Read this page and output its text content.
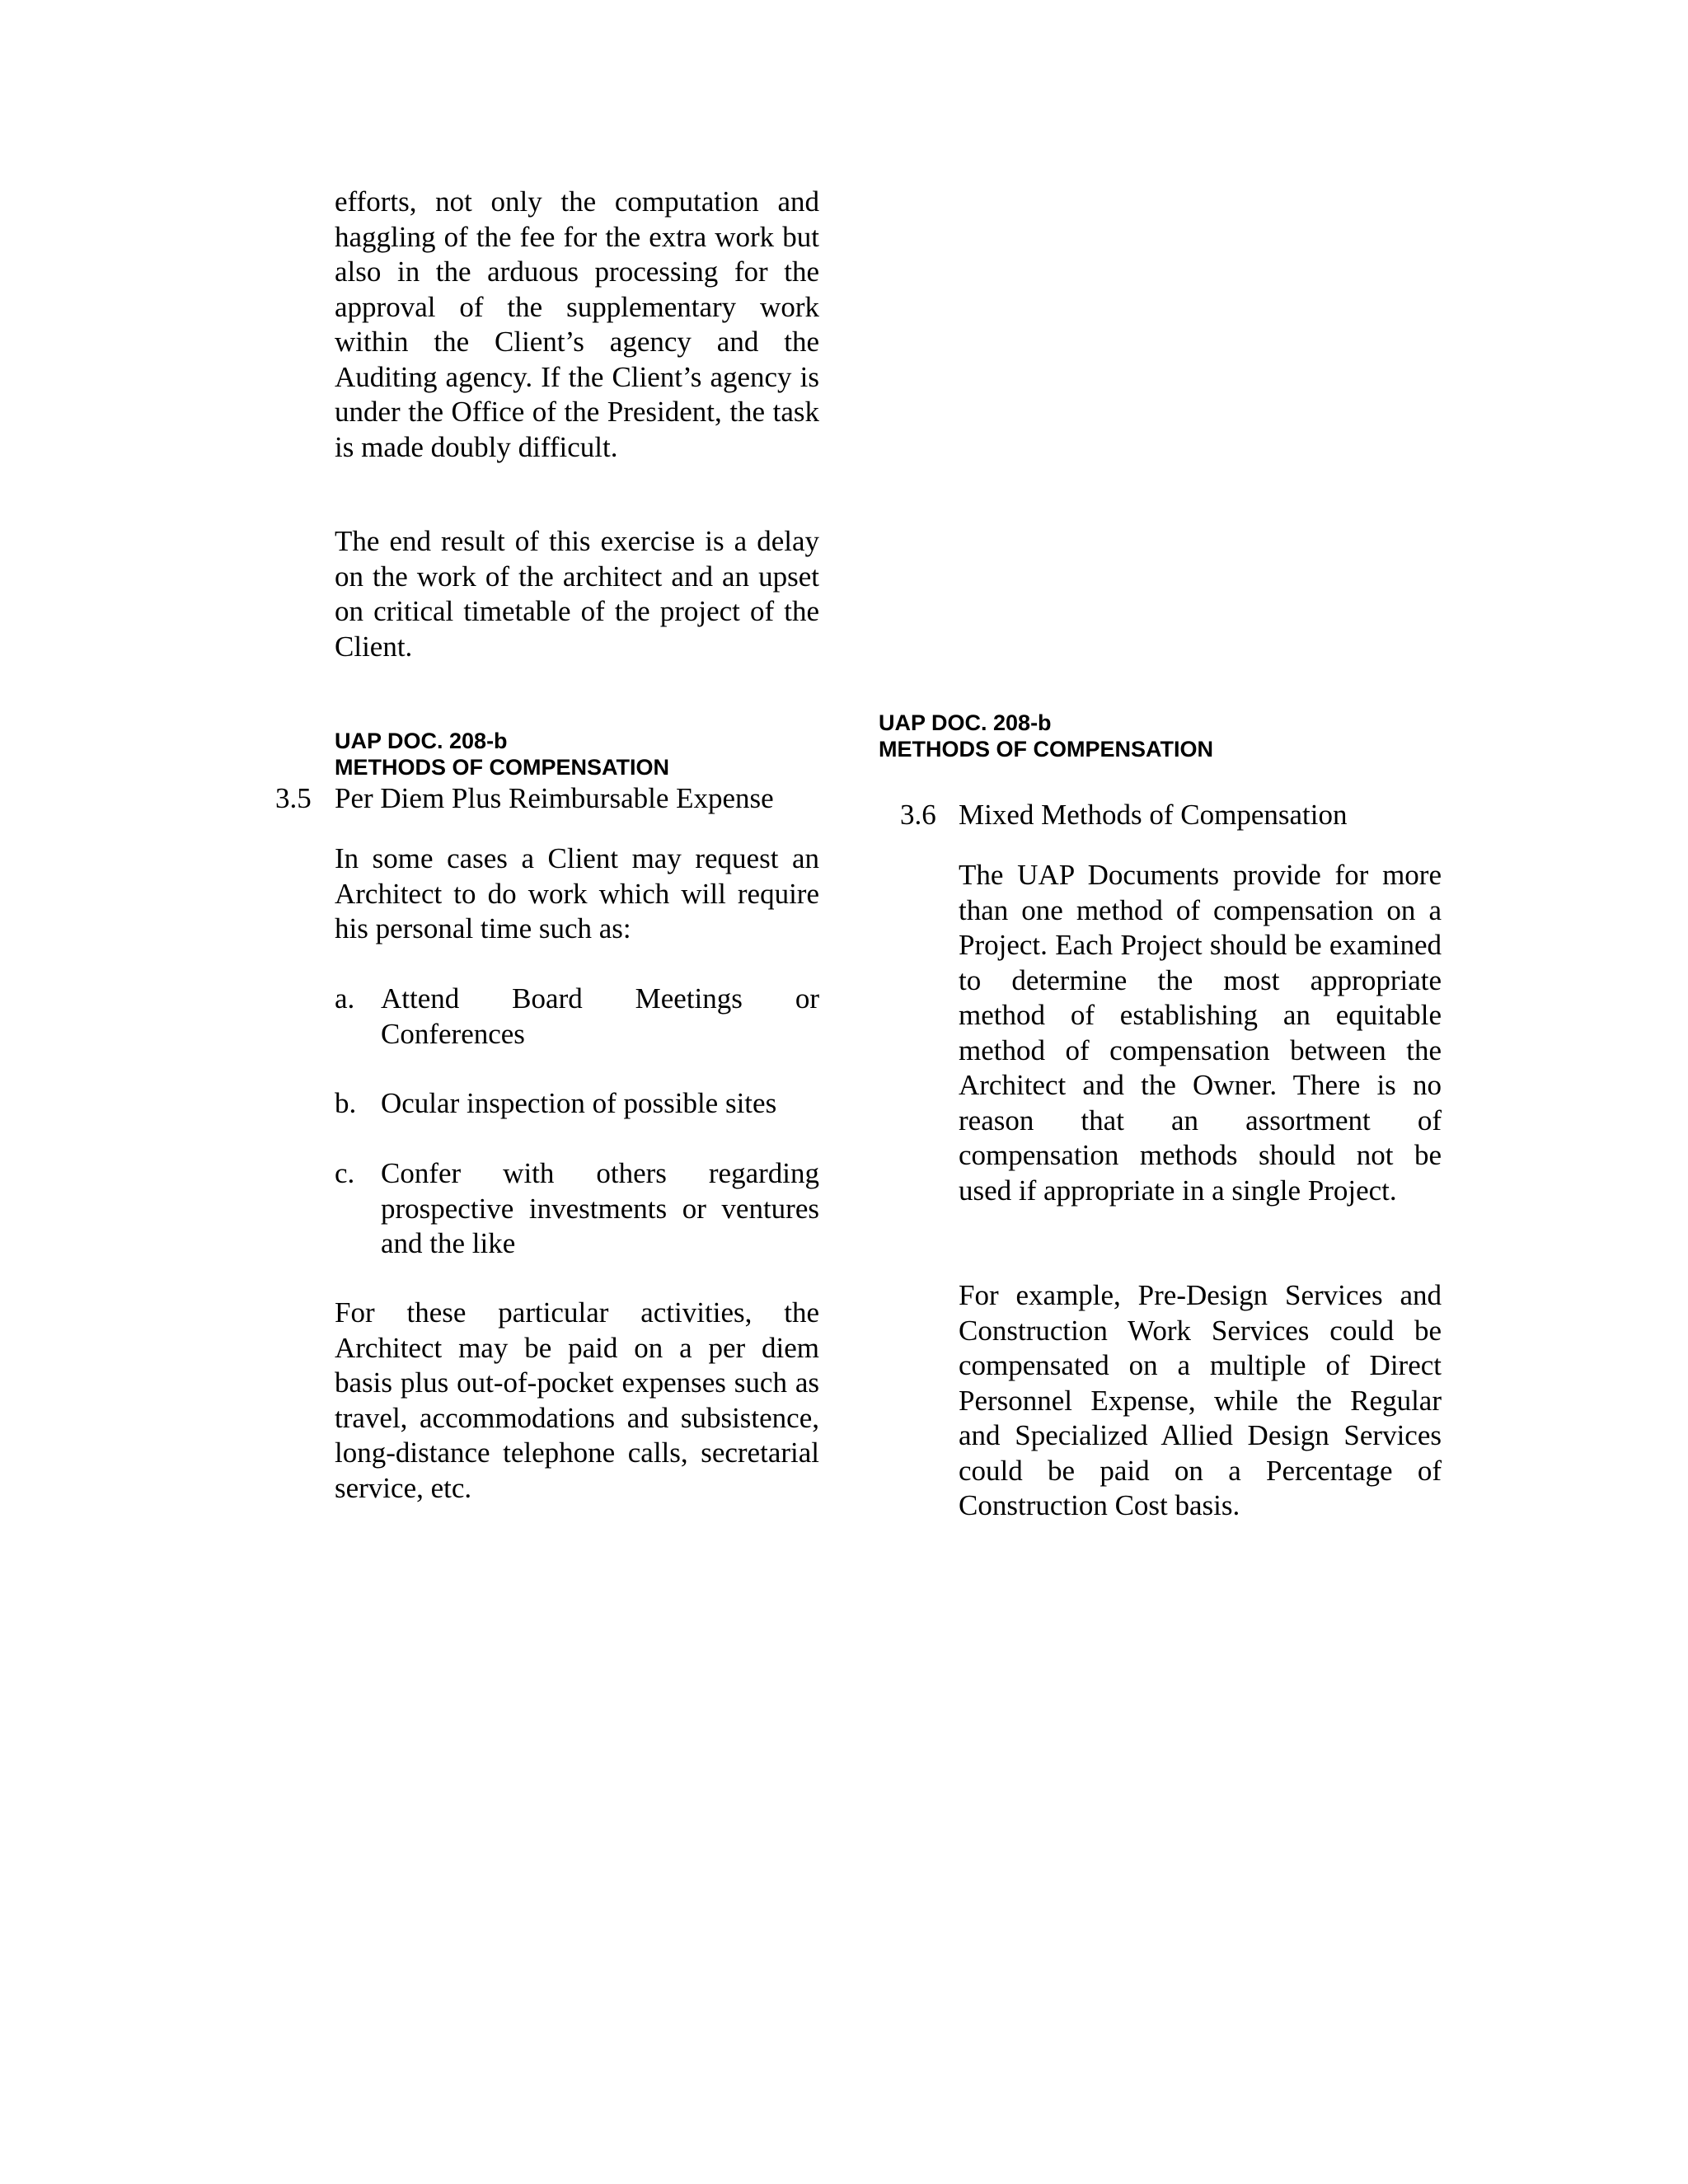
efforts, not only the computation and haggling of the fee for the extra work but also in the arduous processing for the approval of the supplementary work within the Client’s agency and the Auditing agency. If the Client’s agency is under the Office of the President, the task is made doubly difficult.

The end result of this exercise is a delay on the work of the architect and an upset on critical timetable of the project of the Client.

UAP DOC. 208-b

METHODS OF COMPENSATION

3.5 Per Diem Plus Reimbursable Expense

In some cases a Client may request an Architect to do work which will require his personal time such as:

a. Attend Board Meetings or Conferences
b. Ocular inspection of possible sites
c. Confer with others regarding prospective investments or ventures and the like

For these particular activities, the Architect may be paid on a per diem basis plus out-of-pocket expenses such as travel, accommodations and subsistence, long-distance telephone calls, secretarial service, etc.

UAP DOC. 208-b

METHODS OF COMPENSATION

3.6 Mixed Methods of Compensation

The UAP Documents provide for more than one method of compensation on a Project. Each Project should be examined to determine the most appropriate method of establishing an equitable method of compensation between the Architect and the Owner. There is no reason that an assortment of compensation methods should not be used if appropriate in a single Project.

For example, Pre-Design Services and Construction Work Services could be compensated on a multiple of Direct Personnel Expense, while the Regular and Specialized Allied Design Services could be paid on a Percentage of Construction Cost basis.
